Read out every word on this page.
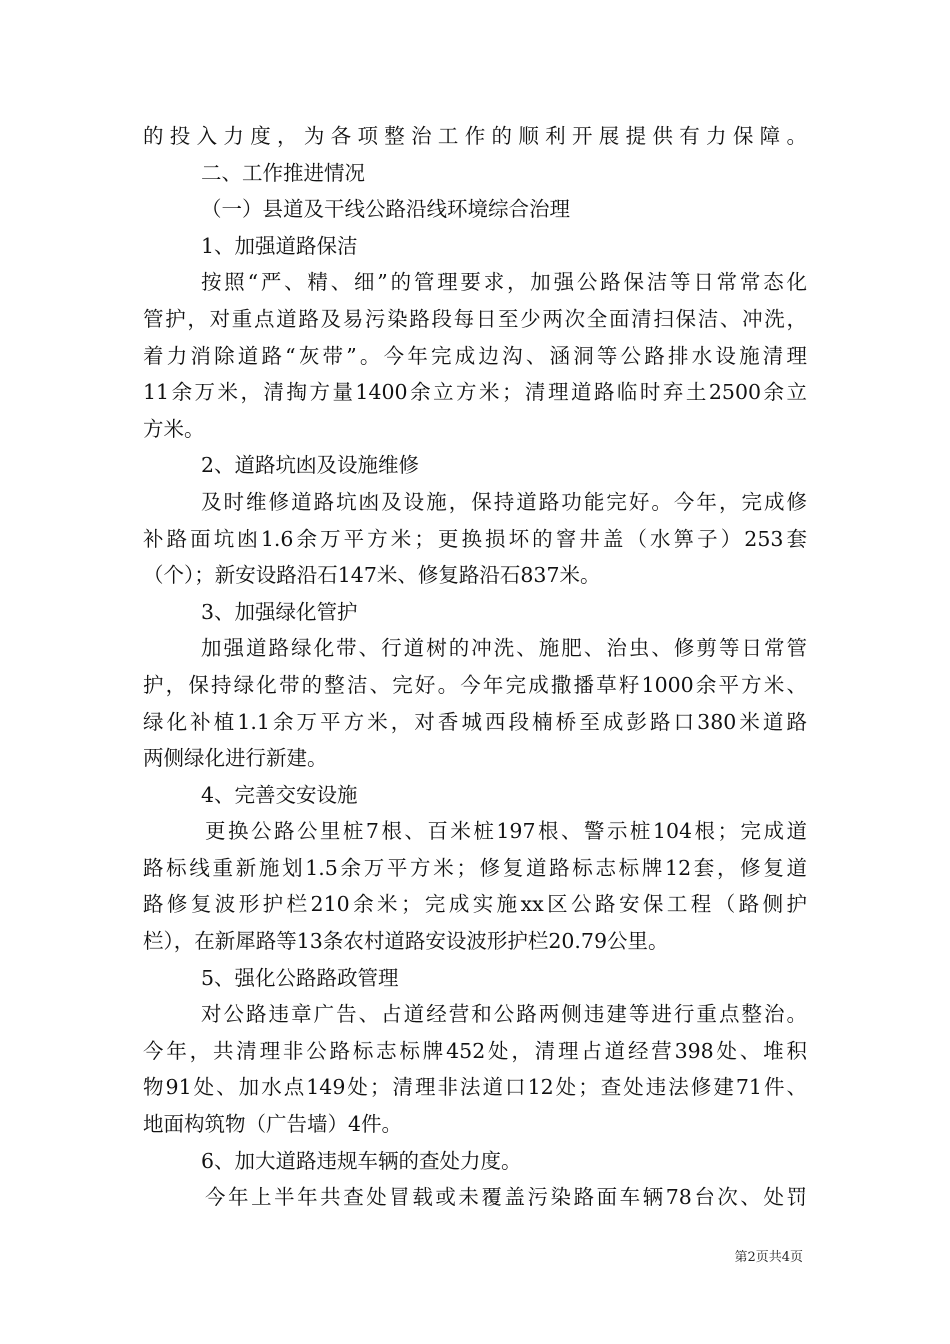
的投入力度，为各项整治工作的顺利开展提供有力保障。
二、工作推进情况
（一）县道及干线公路沿线环境综合治理
1、加强道路保洁
按照“严、精、细”的管理要求，加强公路保洁等日常常态化
管护，对重点道路及易污染路段每日至少两次全面清扫保洁、冲洗，
着力消除道路“灰带”。今年完成边沟、涵洞等公路排水设施清理
11余万米，清掏方量1400余立方米；清理道路临时弃土2500余立
方米。
2、道路坑凼及设施维修
及时维修道路坑凼及设施，保持道路功能完好。今年，完成修
补路面坑凼1.6余万平方米；更换损坏的窨井盖（水箅子）253套
（个）；新安设路沿石147米、修复路沿石837米。
3、加强绿化管护
加强道路绿化带、行道树的冲洗、施肥、治虫、修剪等日常管
护，保持绿化带的整洁、完好。今年完成撒播草籽1000余平方米、
绿化补植1.1余万平方米，对香城西段楠桥至成彭路口380米道路
两侧绿化进行新建。
4、完善交安设施
更换公路公里桩7根、百米桩197根、警示桩104根；完成道
路标线重新施划1.5余万平方米；修复道路标志标牌12套，修复道
路修复波形护栏210余米；完成实施xx区公路安保工程（路侧护
栏），在新犀路等13条农村道路安设波形护栏20.79公里。
5、强化公路路政管理
对公路违章广告、占道经营和公路两侧违建等进行重点整治。
今年，共清理非公路标志标牌452处，清理占道经营398处、堆积
物91处、加水点149处；清理非法道口12处；查处违法修建71件、
地面构筑物（广告墙）4件。
6、加大道路违规车辆的查处力度。
今年上半年共查处冒载或未覆盖污染路面车辆78台次、处罚
第2页共4页
